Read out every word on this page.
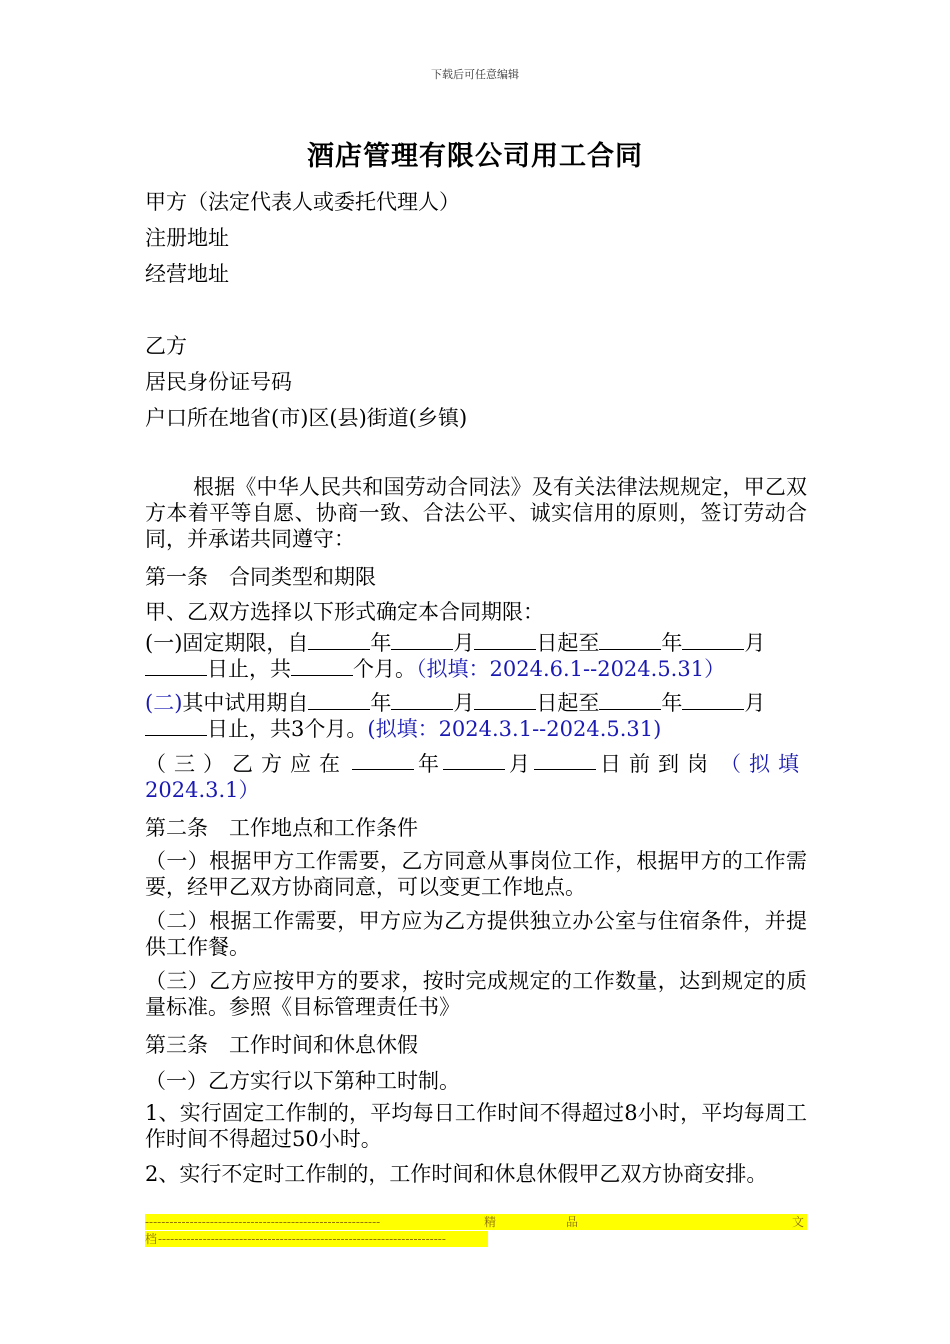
下载后可任意编辑
酒店管理有限公司用工合同
甲方（法定代表人或委托代理人）
注册地址
经营地址
乙方
居民身份证号码
户口所在地省(市)区(县)街道(乡镇)
根据《中华人民共和国劳动合同法》及有关法律法规规定，甲乙双方本着平等自愿、协商一致、合法公平、诚实信用的原则，签订劳动合同，并承诺共同遵守：
第一条　合同类型和期限
甲、乙双方选择以下形式确定本合同期限：
(一)固定期限，自	年	月	日起至	年	月
日止，共	个月。（拟填：2024.6.1--2024.5.31）
(二)其中试用期自	年	月	日起至	年	月
日止，共3个月。(拟填：2024.3.1--2024.5.31)
（三）乙方应在	年	月	日前到岗 （拟填
2024.3.1）
第二条　工作地点和工作条件
（一）根据甲方工作需要，乙方同意从事岗位工作，根据甲方的工作需要，经甲乙双方协商同意，可以变更工作地点。
（二）根据工作需要，甲方应为乙方提供独立办公室与住宿条件，并提供工作餐。
（三）乙方应按甲方的要求，按时完成规定的工作数量，达到规定的质量标准。参照《目标管理责任书》
第三条　工作时间和休息休假
（一）乙方实行以下第种工时制。
1、实行固定工作制的，平均每日工作时间不得超过8小时，平均每周工作时间不得超过50小时。
2、实行不定时工作制的，工作时间和休息休假甲乙双方协商安排。
----------------------------------------------------------	精	品	文
档 -----------------------------------------------------------------------
